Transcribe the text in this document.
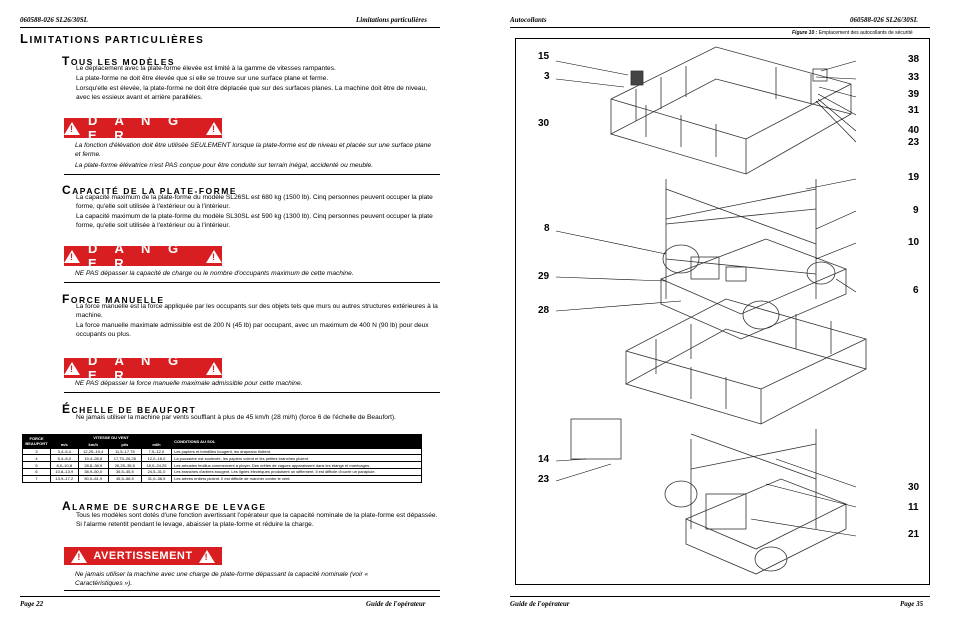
060588-026 SL26/30SL	Limitations particulières
LIMITATIONS PARTICULIÈRES
TOUS LES MODÈLES
Le déplacement avec la plate-forme élevée est limité à la gamme de vitesses rampantes.
La plate-forme ne doit être élevée que si elle se trouve sur une surface plane et ferme.
Lorsqu'elle est élevée, la plate-forme ne doit être déplacée que sur des surfaces planes. La machine doit être de niveau, avec les essieux avant et arrière parallèles.
!
D A N G E R
!
La fonction d'élévation doit être utilisée SEULEMENT lorsque la plate-forme est de niveau et placée sur une surface plane et ferme.
La plate-forme élévatrice n'est PAS conçue pour être conduite sur terrain inégal, accidenté ou meuble.
CAPACITÉ DE LA PLATE-FORME
La capacité maximum de la plate-forme du modèle SL26SL est 680 kg (1500 lb). Cinq personnes peuvent occuper la plate forme, qu'elle soit utilisée à l'extérieur ou à l'intérieur.
La capacité maximum de la plate-forme du modèle SL30SL est 590 kg (1300 lb). Cinq personnes peuvent occuper la plate forme, qu'elle soit utilisée à l'extérieur ou à l'intérieur.
!
D A N G E R
!
NE PAS dépasser la capacité de charge ou le nombre d'occupants maximum de cette machine.
FORCE MANUELLE
La force manuelle est la force appliquée par les occupants sur des objets tels que murs ou autres structures extérieures à la machine.
La force manuelle maximale admissible est de 200 N (45 lb) par occupant, avec un maximum de 400 N (90 lb) pour deux occupants ou plus.
!
D A N G E R
!
NE PAS dépasser la force manuelle maximale admissible pour cette machine.
ÉCHELLE DE BEAUFORT
Ne jamais utiliser la machine par vents soufflant à plus de 45 km/h (28 mi/h) (force 6 de l'échelle de Beaufort).
FORCE BEAUFORT	VITESSE DU VENT				CONDITIONS AU SOL
	m/s	km/h	pi/s	mi/h	
3	3,4–5,4	12,25–19,4	11,5–17,75	7,5–12,0	Les papiers et brindilles bougent, les drapeaux flottent.
4	5,4–8,0	19,4–28,8	17,75–26,25	12,0–18,0	La poussière est soulevée, les papiers volent et les petites branches ploient.
5	8,0–10,8	28,8–38,9	26,25–35,5	18,0–24,25	Les arbustes feuillus commencent à ployer. Des crêtes de vagues apparaissent dans les étangs et marécages.
6	10,8–13,9	38,9–50,0	35,5–45,5	24,5–31,0	Les branches d'arbres bougent. Les lignes électriques produisent un sifflement. Il est difficile d'ouvrir un parapluie.
7	13,9–17,2	50,0–61,9	45,5–56,5	31,0–38,5	Les arbres entiers ploient. Il est difficile de marcher contre le vent.
ALARME DE SURCHARGE DE LEVAGE
Tous les modèles sont dotés d'une fonction avertissant l'opérateur que la capacité nominale de la plate-forme est dépassée. Si l'alarme retentit pendant le levage, abaisser la plate-forme et réduire la charge.
!
AVERTISSEMENT
!
Ne jamais utiliser la machine avec une charge de plate-forme dépassant la capacité nominale (voir « Caractéristiques »).
Page 22	Guide de l'opérateur
Autocollants	060588-026 SL26/30SL
Figure 10 : Emplacement des autocollants de sécurité
15
3
30
8
29
28
14
23
38
33
39
31
40
23
19
9
10
6
30
11
21
Guide de l'opérateur	Page 35
